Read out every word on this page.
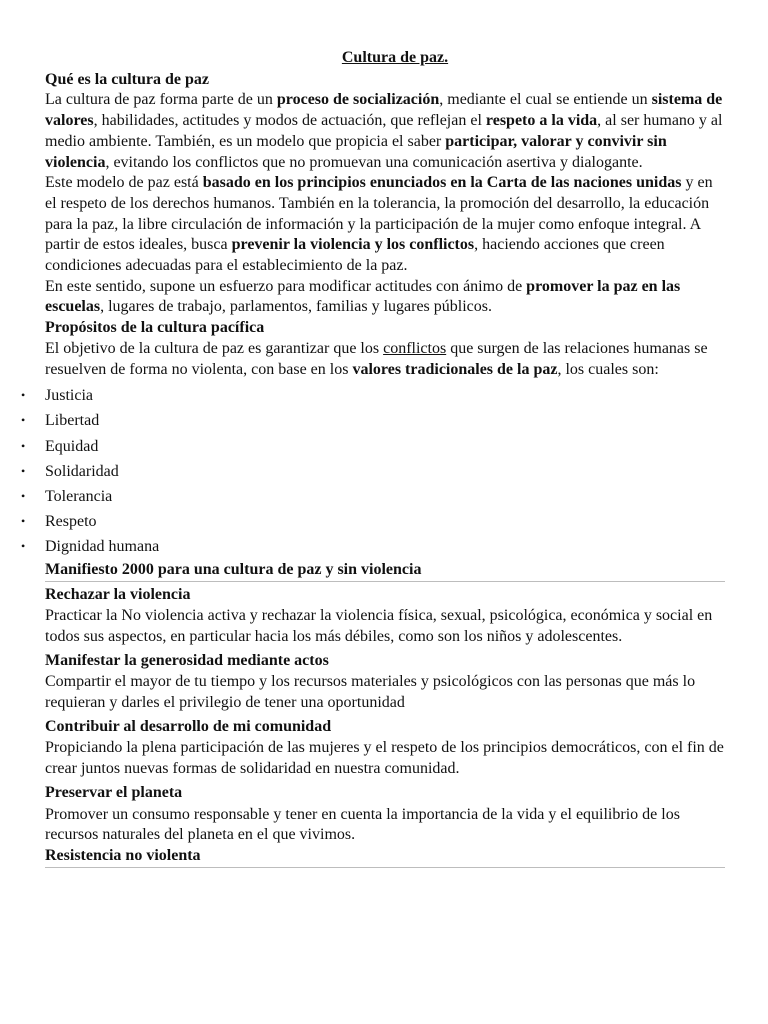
Cultura de paz.
Qué es la cultura de paz

La cultura de paz forma parte de un proceso de socialización, mediante el cual se entiende un sistema de valores, habilidades, actitudes y modos de actuación, que reflejan el respeto a la vida, al ser humano y al medio ambiente. También, es un modelo que propicia el saber participar, valorar y convivir sin violencia, evitando los conflictos que no promuevan una comunicación asertiva y dialogante.

Este modelo de paz está basado en los principios enunciados en la Carta de las naciones unidas y en el respeto de los derechos humanos. También en la tolerancia, la promoción del desarrollo, la educación para la paz, la libre circulación de información y la participación de la mujer como enfoque integral. A partir de estos ideales, busca prevenir la violencia y los conflictos, haciendo acciones que creen condiciones adecuadas para el establecimiento de la paz.

En este sentido, supone un esfuerzo para modificar actitudes con ánimo de promover la paz en las escuelas, lugares de trabajo, parlamentos, familias y lugares públicos.

Propósitos de la cultura pacífica

El objetivo de la cultura de paz es garantizar que los conflictos que surgen de las relaciones humanas se resuelven de forma no violenta, con base en los valores tradicionales de la paz, los cuales son:

• Justicia
• Libertad
• Equidad
• Solidaridad
• Tolerancia
• Respeto
• Dignidad humana
Manifiesto 2000 para una cultura de paz y sin violencia
Rechazar la violencia

Practicar la No violencia activa y rechazar la violencia física, sexual, psicológica, económica y social en todos sus aspectos, en particular hacia los más débiles, como son los niños y adolescentes.

Manifestar la generosidad mediante actos

Compartir el mayor de tu tiempo y los recursos materiales y psicológicos con las personas que más lo requieran y darles el privilegio de tener una oportunidad

Contribuir al desarrollo de mi comunidad

Propiciando la plena participación de las mujeres y el respeto de los principios democráticos, con el fin de crear juntos nuevas formas de solidaridad en nuestra comunidad.

Preservar el planeta

Promover un consumo responsable y tener en cuenta la importancia de la vida y el equilibrio de los recursos naturales del planeta en el que vivimos.

Resistencia no violenta
